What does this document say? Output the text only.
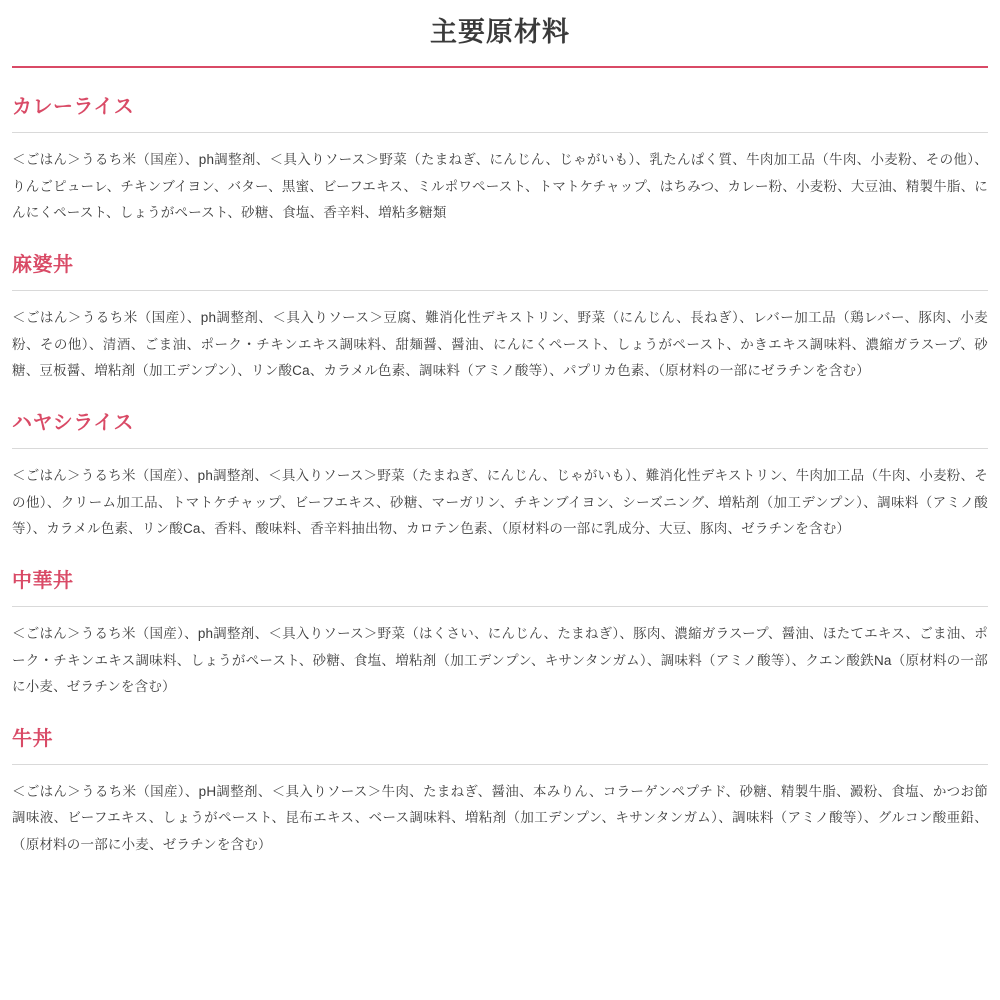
主要原材料
カレーライス

＜ごはん＞うるち米（国産）、ph調整剤、＜具入りソース＞野菜（たまねぎ、にんじん、じゃがいも）、乳たんぱく質、牛肉加工品（牛肉、小麦粉、その他）、りんごピューレ、チキンブイヨン、バター、黒蜜、ビーフエキス、ミルポワペースト、トマトケチャップ、はちみつ、カレー粉、小麦粉、大豆油、精製牛脂、にんにくペースト、しょうがペースト、砂糖、食塩、香辛料、増粘多糖類

麻婆丼

＜ごはん＞うるち米（国産）、ph調整剤、＜具入りソース＞豆腐、難消化性デキストリン、野菜（にんじん、長ねぎ）、レバー加工品（鶏レバー、豚肉、小麦粉、その他）、清酒、ごま油、ポーク・チキンエキス調味料、甜麺醤、醤油、にんにくペースト、しょうがペースト、かきエキス調味料、濃縮ガラスープ、砂糖、豆板醤、増粘剤（加工デンプン）、リン酸Ca、カラメル色素、調味料（アミノ酸等）、パプリカ色素、（原材料の一部にゼラチンを含む）

ハヤシライス

＜ごはん＞うるち米（国産）、ph調整剤、＜具入りソース＞野菜（たまねぎ、にんじん、じゃがいも）、難消化性デキストリン、牛肉加工品（牛肉、小麦粉、その他）、クリーム加工品、トマトケチャップ、ビーフエキス、砂糖、マーガリン、チキンブイヨン、シーズニング、増粘剤（加工デンプン）、調味料（アミノ酸等）、カラメル色素、リン酸Ca、香料、酸味料、香辛料抽出物、カロテン色素、（原材料の一部に乳成分、大豆、豚肉、ゼラチンを含む）

中華丼

＜ごはん＞うるち米（国産）、ph調整剤、＜具入りソース＞野菜（はくさい、にんじん、たまねぎ）、豚肉、濃縮ガラスープ、醤油、ほたてエキス、ごま油、ポーク・チキンエキス調味料、しょうがペースト、砂糖、食塩、増粘剤（加工デンプン、キサンタンガム）、調味料（アミノ酸等）、クエン酸鉄Na（原材料の一部に小麦、ゼラチンを含む）

牛丼

＜ごはん＞うるち米（国産）、pH調整剤、＜具入りソース＞牛肉、たまねぎ、醤油、本みりん、コラーゲンペプチド、砂糖、精製牛脂、澱粉、食塩、かつお節調味液、ビーフエキス、しょうがペースト、昆布エキス、ベース調味料、増粘剤（加工デンプン、キサンタンガム）、調味料（アミノ酸等）、グルコン酸亜鉛、（原材料の一部に小麦、ゼラチンを含む）
